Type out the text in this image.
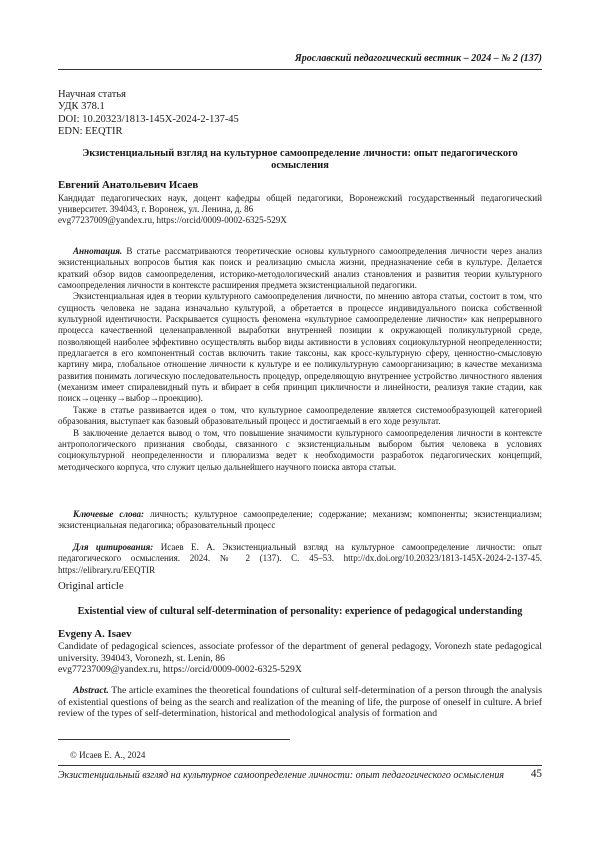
Ярославский педагогический вестник – 2024 – № 2 (137)
Научная статья
УДК 378.1
DOI: 10.20323/1813-145X-2024-2-137-45
EDN: EEQTIR
Экзистенциальный взгляд на культурное самоопределение личности: опыт педагогического
осмысления
Евгений Анатольевич Исаев
Кандидат педагогических наук, доцент кафедры общей педагогики, Воронежский государственный педагогический университет. 394043, г. Воронеж, ул. Ленина, д. 86
evg77237009@yandex.ru, https://orcid/0009-0002-6325-529X

Аннотация. В статье рассматриваются теоретические основы культурного самоопределения личности через анализ экзистенциальных вопросов бытия как поиск и реализацию смысла жизни, предназначение себя в культуре. Делается краткий обзор видов самоопределения, историко-методологический анализ становления и развития теории культурного самоопределения личности в контексте расширения предмета экзистенциальной педагогики.

Экзистенциальная идея в теории культурного самоопределения личности, по мнению автора статьи, состоит в том, что сущность человека не задана изначально культурой, а обретается в процессе индивидуального поиска собственной культурной идентичности. Раскрывается сущность феномена «культурное самоопределение личности» как непрерывного процесса качественной целенаправленной выработки внутренней позиции к окружающей поликультурной среде, позволяющей наиболее эффективно осуществлять выбор виды активности в условиях социокультурной неопределенности; предлагается в его компонентный состав включить такие таксоны, как кросс-культурную сферу, ценностно-смысловую картину мира, глобальное отношение личности к культуре и ее поликультурную самоорганизацию; в качестве механизма развития понимать логическую последовательность процедур, определяющую внутреннее устройство личностного явления (механизм имеет спиралевидный путь и вбирает в себя принцип цикличности и линейности, реализуя такие стадии, как поиск→оценку→выбор→проекцию).

Также в статье развивается идея о том, что культурное самоопределение является системообразующей категорией образования, выступает как базовый образовательный процесс и достигаемый в его ходе результат.

В заключение делается вывод о том, что повышение значимости культурного самоопределения личности в контексте антропологического признания свободы, связанного с экзистенциальным выбором бытия человека в условиях социокультурной неопределенности и плюрализма ведет к необходимости разработок педагогических концепций, методического корпуса, что служит целью дальнейшего научного поиска автора статьи.

Ключевые слова: личность; культурное самоопределение; содержание; механизм; компоненты; экзистенциализм; экзистенциальная педагогика; образовательный процесс

Для цитирования: Исаев Е. А. Экзистенциальный взгляд на культурное самоопределение личности: опыт педагогического осмысления. 2024. № 2 (137). С. 45–53. http://dx.doi.org/10.20323/1813-145X-2024-2-137-45. https://elibrary.ru/EEQTIR

Original article
Existential view of cultural self-determination of personality: experience of pedagogical understanding
Evgeny A. Isaev
Candidate of pedagogical sciences, associate professor of the department of general pedagogy, Voronezh state pedagogical university. 394043, Voronezh, st. Lenin, 86
evg77237009@yandex.ru, https://orcid/0009-0002-6325-529X

Abstract. The article examines the theoretical foundations of cultural self-determination of a person through the analysis of existential questions of being as the search and realization of the meaning of life, the purpose of oneself in culture. A brief review of the types of self-determination, historical and methodological analysis of formation and

© Исаев Е. А., 2024
Экзистенциальный взгляд на культурное самоопределение личности: опыт педагогического осмысления 45
